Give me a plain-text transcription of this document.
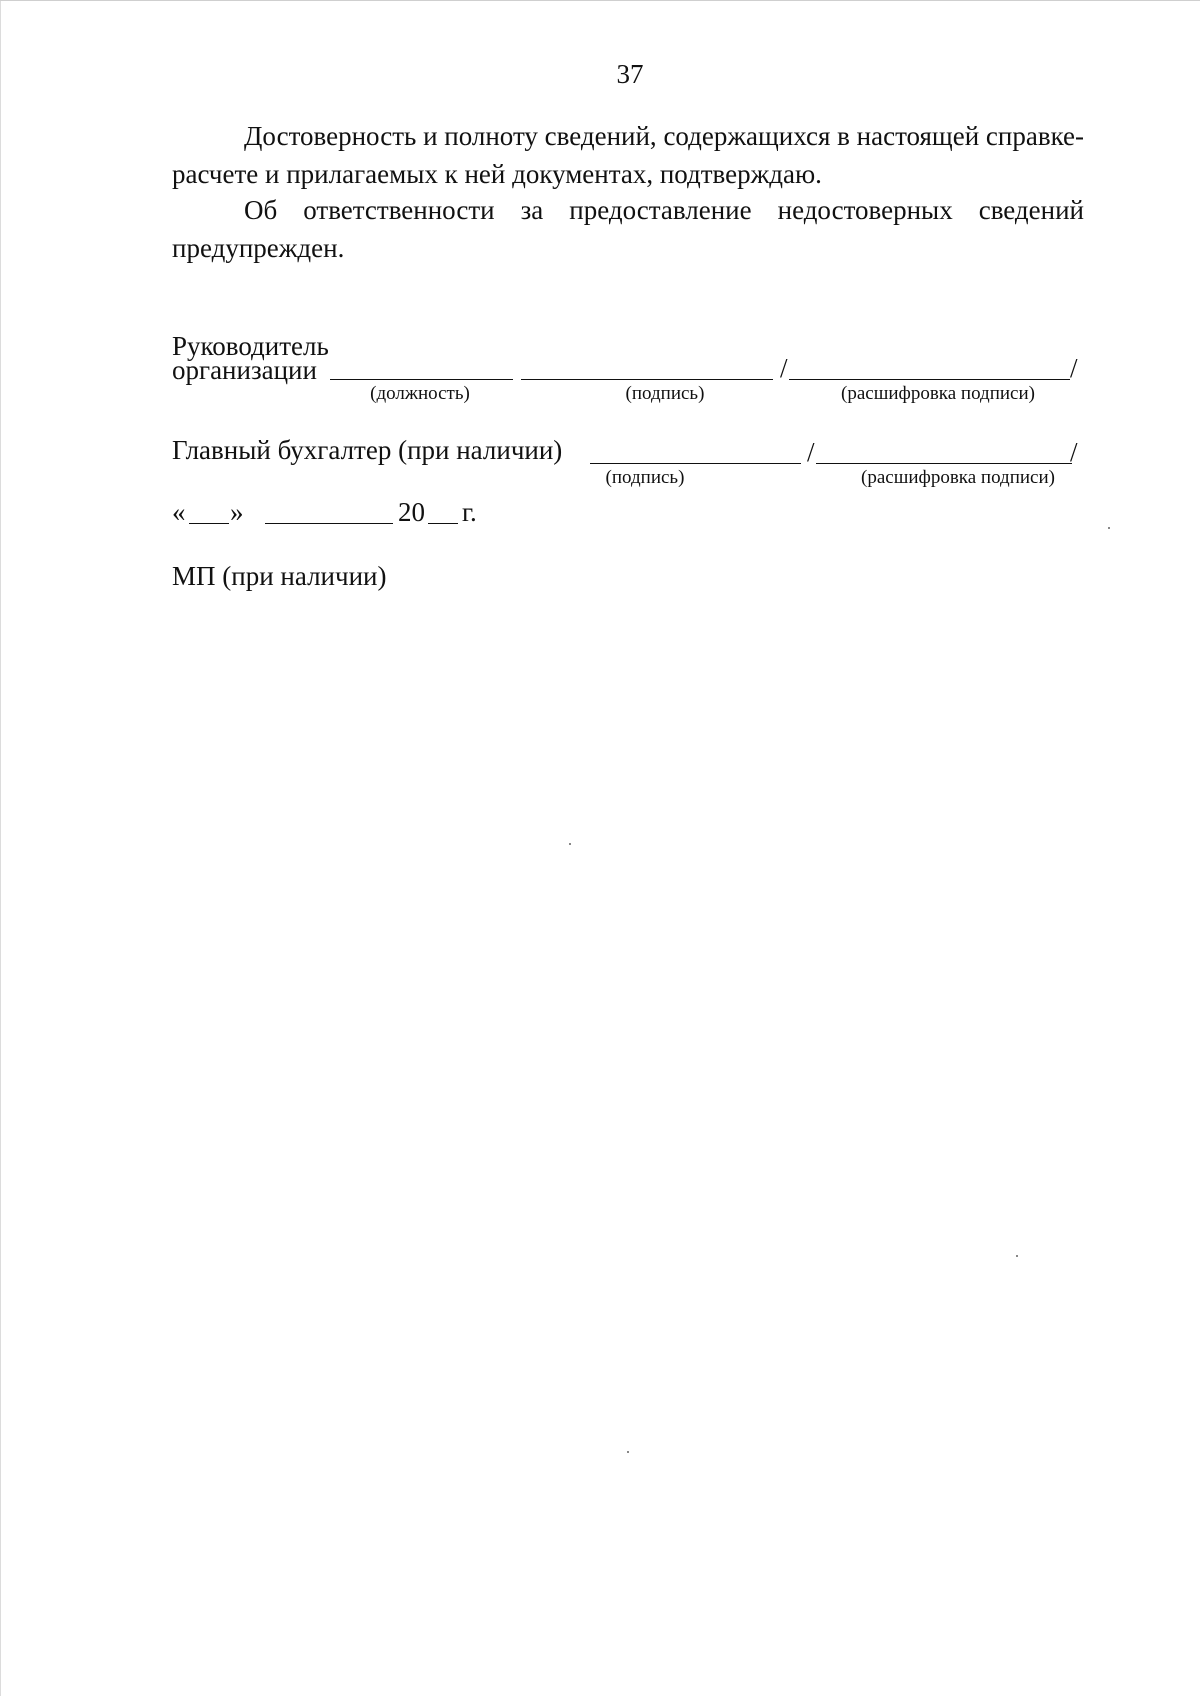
37
Достоверность и полноту сведений, содержащихся в настоящей справке-расчете и прилагаемых к ней документах, подтверждаю.
Об ответственности за предоставление недостоверных сведений предупрежден.
Руководитель
организации	/	/
(должность)	(подпись)	(расшифровка подписи)
Главный бухгалтер (при наличии)	/	/
(подпись)	(расшифровка подписи)
« »	20 г.
МП (при наличии)
